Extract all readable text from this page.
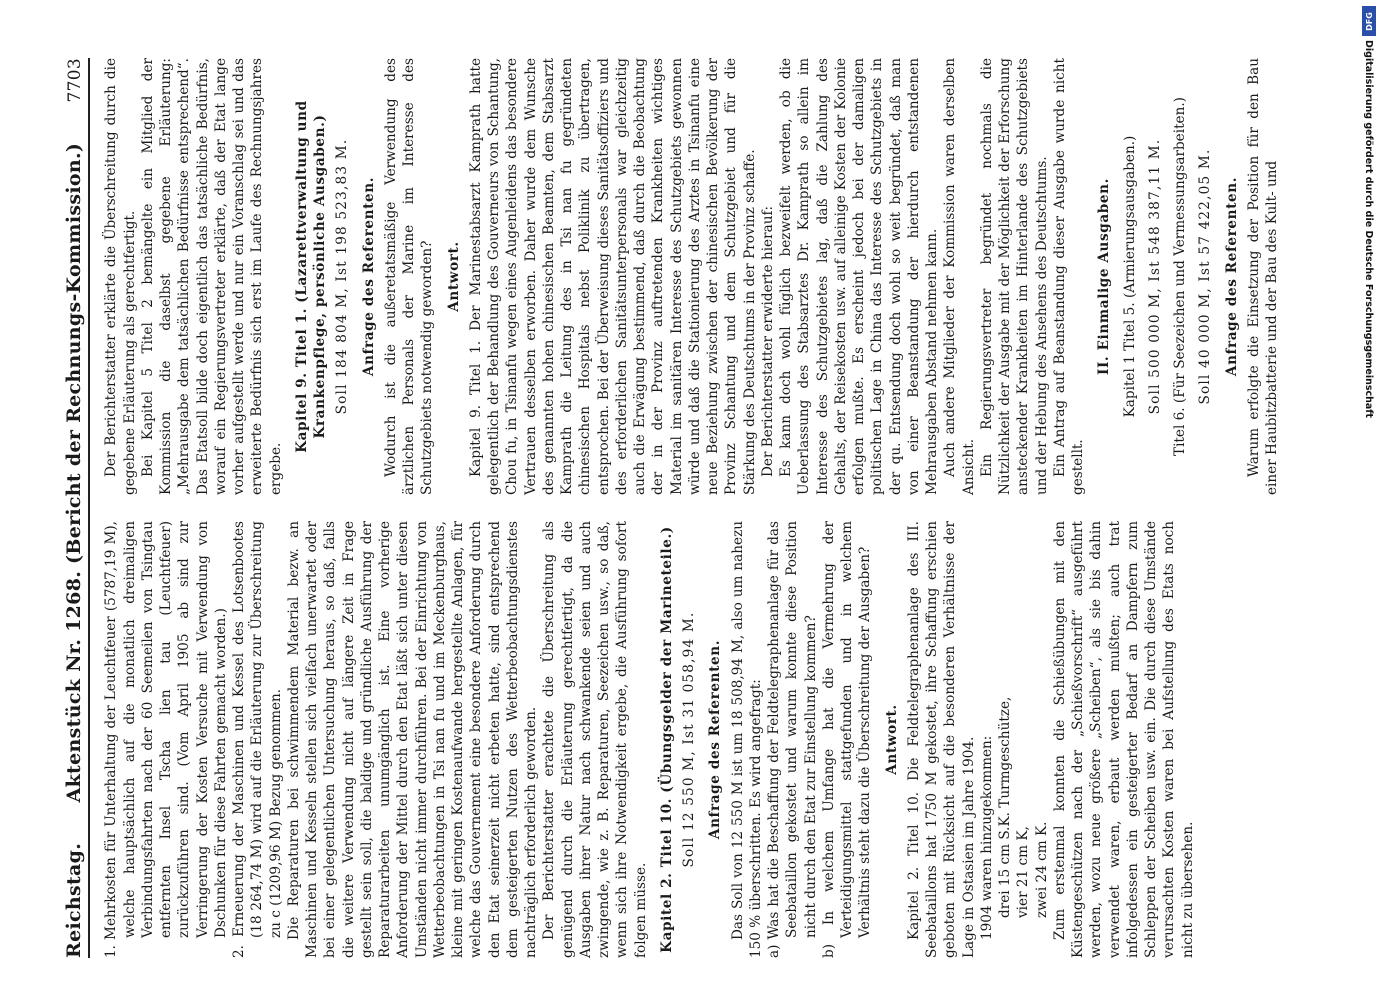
Reichstag.
Aktenstück Nr. 1268. (Bericht der Rechnungs-Kommission.)
7703

1. Mehrkosten für Unterhaltung der Leuchtfeuer (5787,19 M), welche hauptsächlich auf die monatlich dreimaligen Verbindungsfahrten nach der 60 Seemeilen von Tsingtau entfernten Insel Tscha lien tau (Leuchtfeuer) zurückzuführen sind. (Vom April 1905 ab sind zur Verringerung der Kosten Versuche mit Verwendung von Dschunken für diese Fahrten gemacht worden.) 2. Erneuerung der Maschinen und Kessel des Lotsenbootes (18 264,74 M) wird auf die Erläuterung zur Überschreitung zu c (1209,96 M) Bezug genommen. Die Reparaturen bei schwimmendem Material bezw. an Maschinen und Kesseln stellen sich vielfach unerwartet oder bei einer gelegentlichen Untersuchung heraus, so daß, falls die weitere Verwendung nicht auf längere Zeit in Frage gestellt sein soll, die baldige und gründliche Ausführung der Reparaturarbeiten unumgänglich ist. Eine vorherige Anforderung der Mittel durch den Etat läßt sich unter diesen Umständen nicht immer durchführen. Bei der Einrichtung von Wetterbeobachtungen in Tsi nan fu und im Meckenburghaus, kleine mit geringen Kostenaufwande hergestellte Anlagen, für welche das Gouvernement eine besondere Anforderung durch den Etat seinerzeit nicht erbeten hatte, sind entsprechend dem gesteigerten Nutzen des Wetterbeobachtungsdienstes nachträglich erforderlich geworden. Der Berichterstatter erachtete die Überschreitung als genügend durch die Erläuterung gerechtfertigt, da die Ausgaben ihrer Natur nach schwankende seien und auch zwingende, wie z. B. Reparaturen, Seezeichen usw., so daß, wenn sich ihre Notwendigkeit ergebe, die Ausführung sofort folgen müsse. Kapitel 2. Titel 10. (Übungsgelder der Marineteile.) Soll 12 550 M, Ist 31 058,94 M. Anfrage des Referenten. Das Soll von 12 550 M ist um 18 508,94 M, also um nahezu 150 % überschritten. Es wird angefragt: a) Was hat die Beschaffung der Feldtelegraphenanlage für das Seebataillon gekostet und warum konnte diese Position nicht durch den Etat zur Einstellung kommen? b) In welchem Umfange hat die Vermehrung der Verteidigungsmittel stattgefunden und in welchem Verhältnis steht dazu die Überschreitung der Ausgaben? Antwort. Kapitel 2. Titel 10. Die Feldtelegraphenanlage des III. Seebataillons hat 1750 M gekostet, ihre Schaffung erschien geboten mit Rücksicht auf die besonderen Verhältnisse der Lage in Ostasien im Jahre 1904. 1904 waren hinzugekommen: drei 15 cm S.K. Turmgeschütze, vier 21 cm K, zwei 24 cm K. Zum erstenmal konnten die Schießübungen mit den Küstengeschützen nach der „Schießvorschrift“ ausgeführt werden, wozu neue größere „Scheiben“, als sie bis dahin verwendet waren, erbaut werden mußten; auch trat infolgedessen ein gesteigerter Bedarf an Dampfern zum Schleppen der Scheiben usw. ein. Die durch diese Umstände verursachten Kosten waren bei Aufstellung des Etats noch nicht zu übersehen.

Der Berichterstatter erklärte die Überschreitung durch die gegebene Erläuterung als gerechtfertigt. Bei Kapitel 5 Titel 2 bemängelte ein Mitglied der Kommission die daselbst gegebene Erläuterung: „Mehrausgabe dem tatsächlichen Bedürfnisse entsprechend“. Das Etatsoll bilde doch eigentlich das tatsächliche Bedürfnis, worauf ein Regierungsvertreter erklärte, daß der Etat lange vorher aufgestellt werde und nur ein Voranschlag sei und das erweiterte Bedürfnis sich erst im Laufe des Rechnungsjahres ergebe.

Kapitel 9. Titel 1. (Lazarettverwaltung und Krankenpflege, persönliche Ausgaben.) Soll 184 804 M, Ist 198 523,83 M. Anfrage des Referenten. Wodurch ist die außeretatsmäßige Verwendung des ärztlichen Personals der Marine im Interesse des Schutzgebiets notwendig geworden? Antwort. Kapitel 9. Titel 1. Der Marinestabsarzt Kamprath hatte gelegentlich der Behandlung des Gouverneurs von Schantung, Chou fu, in Tsinanfu wegen eines Augenleidens das besondere Vertrauen desselben erworben. Daher wurde dem Wunsche des genannten hohen chinesischen Beamten, dem Stabsarzt Kamprath die Leitung des in Tsi nan fu gegründeten chinesischen Hospitals nebst Poliklinik zu übertragen, entsprochen. Bei der Überweisung dieses Sanitätsoffiziers und des erforderlichen Sanitätsunterpersonals war gleichzeitig auch die Erwägung bestimmend, daß durch die Beobachtung der in der Provinz auftretenden Krankheiten wichtiges Material im sanitären Interesse des Schutzgebiets gewonnen würde und daß die Stationierung des Arztes in Tsinanfu eine neue Beziehung zwischen der chinesischen Bevölkerung der Provinz Schantung und dem Schutzgebiet und für die Stärkung des Deutschtums in der Provinz schaffe. Der Berichterstatter erwiderte hierauf: Es kann doch wohl füglich bezweifelt werden, ob die Ueberlassung des Stabsarztes Dr. Kamprath so allein im Interesse des Schutzgebietes lag, daß die Zahlung des Gehalts, der Reisekosten usw. auf alleinige Kosten der Kolonie erfolgen mußte. Es erscheint jedoch bei der damaligen politischen Lage in China das Interesse des Schutzgebiets in der qu. Entsendung doch wohl so weit begründet, daß man von einer Beanstandung der hierdurch entstandenen Mehrausgaben Abstand nehmen kann. Auch andere Mitglieder der Kommission waren derselben Ansicht. Ein Regierungsvertreter begründet nochmals die Nützlichkeit der Ausgabe mit der Möglichkeit der Erforschung ansteckender Krankheiten im Hinterlande des Schutzgebiets und der Hebung des Ansehens des Deutschtums. Ein Antrag auf Beanstandung dieser Ausgabe wurde nicht gestellt.

II. Einmalige Ausgaben. Kapitel 1 Titel 5. (Armierungsausgaben.) Soll 500 000 M, Ist 548 387,11 M. Titel 6. (Für Seezeichen und Vermessungsarbeiten.) Soll 40 000 M, Ist 57 422,05 M. Anfrage des Referenten. Warum erfolgte die Einsetzung der Position für den Bau einer Haubitzbatterie und der Bau des Kult- und

DFG
Digitalisierung gefördert durch die Deutsche Forschungsgemeinschaft
